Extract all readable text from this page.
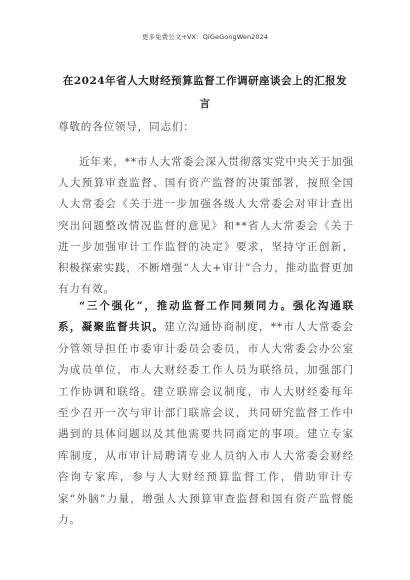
更多免费公文+VX：QiGeGongWen2024
在2024年省人大财经预算监督工作调研座谈会上的汇报发言
尊敬的各位领导，同志们：
近年来，**市人大常委会深入贯彻落实党中央关于加强人大预算审查监督、国有资产监督的决策部署，按照全国人大常委会《关于进一步加强各级人大常委会对审计查出突出问题整改情况监督的意见》和**省人大常委会《关于进一步加强审计工作监督的决定》要求，坚持守正创新，积极探索实践，不断增强“人大+审计”合力，推动监督更加有力有效。
“三个强化”，推动监督工作同频同力。强化沟通联系，凝聚监督共识。建立沟通协商制度，**市人大常委会分管领导担任市委审计委员会委员，市人大常委会办公室为成员单位，市人大财经委工作人员为联络员，加强部门工作协调和联络。建立联席会议制度，市人大财经委每年至少召开一次与审计部门联席会议，共同研究监督工作中遇到的具体问题以及其他需要共同商定的事项。建立专家库制度，从市审计局聘请专业人员纳入市人大常委会财经咨询专家库，参与人大财经预算监督工作，借助审计专家“外脑”力量，增强人大预算审查监督和国有资产监督能力。
